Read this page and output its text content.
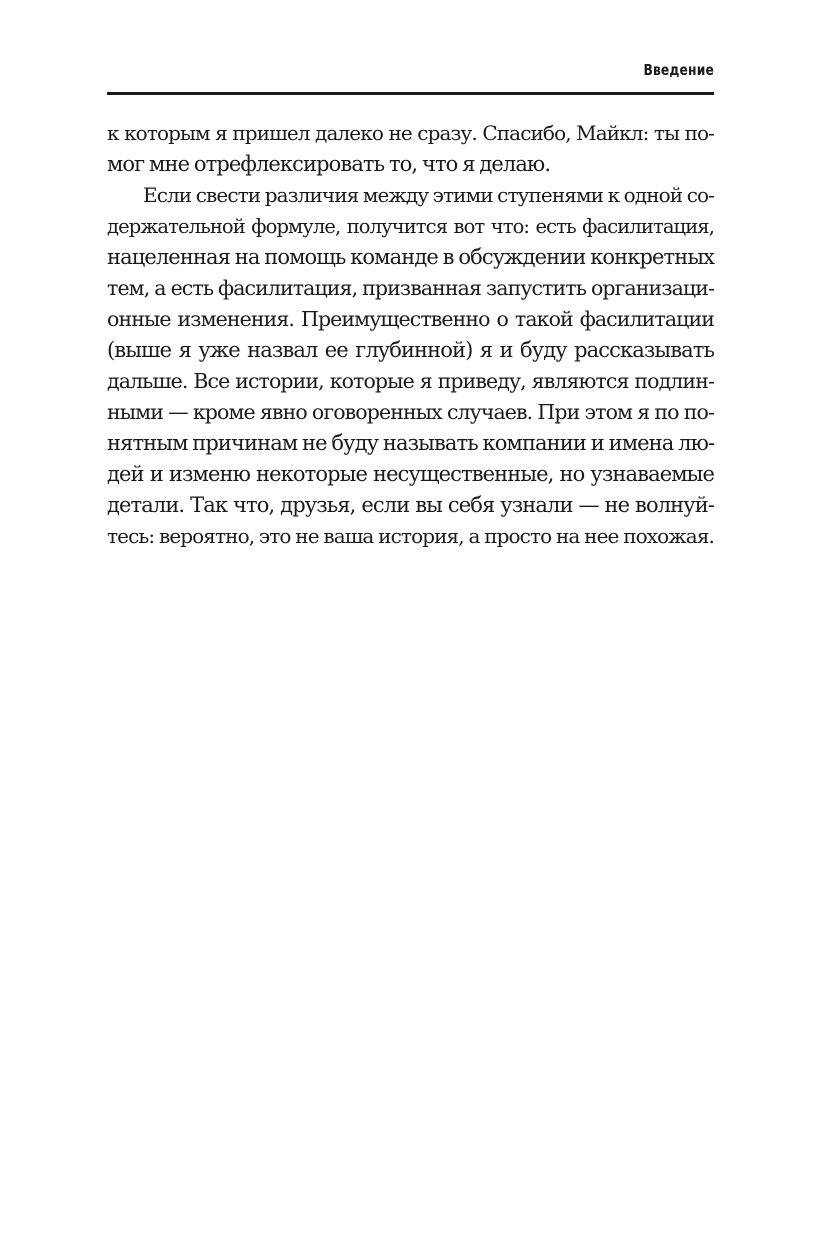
Введение
к которым я пришел далеко не сразу. Спасибо, Майкл: ты по-
мог мне отрефлексировать то, что я делаю.
Если свести различия между этими ступенями к одной со-
держательной формуле, получится вот что: есть фасилитация,
нацеленная на помощь команде в обсуждении конкретных
тем, а есть фасилитация, призванная запустить организаци-
онные изменения. Преимущественно о такой фасилитации
(выше я уже назвал ее глубинной) я и буду рассказывать
дальше. Все истории, которые я приведу, являются подлин-
ными — кроме явно оговоренных случаев. При этом я по по-
нятным причинам не буду называть компании и имена лю-
дей и изменю некоторые несущественные, но узнаваемые
детали. Так что, друзья, если вы себя узнали — не волнуй-
тесь: вероятно, это не ваша история, а просто на нее похожая.
